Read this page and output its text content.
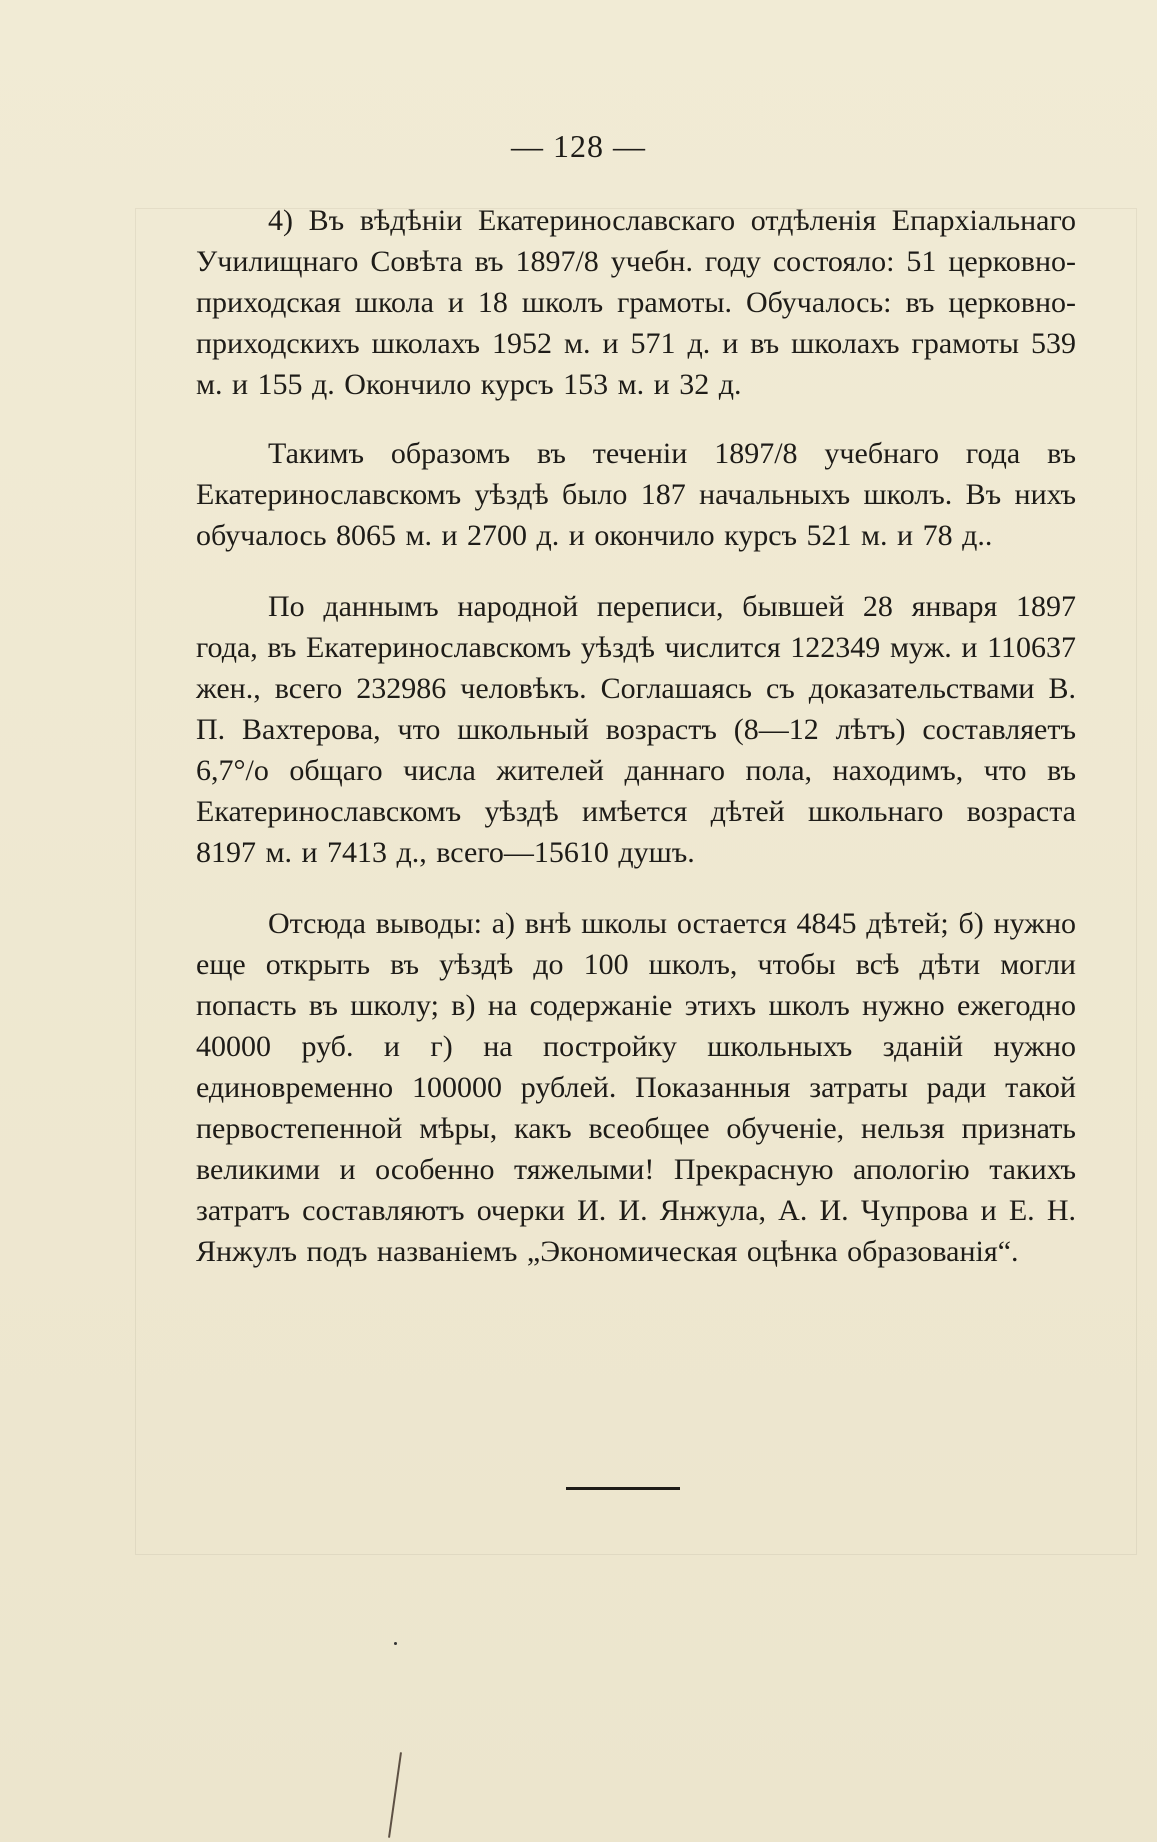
— 128 —

4) Въ вѣдѣніи Екатеринославскаго отдѣленія Епархіальнаго Училищнаго Совѣта въ 1897/8 учебн. году состояло: 51 церковно-приходская школа и 18 школъ грамоты. Обучалось: въ церковно-приходскихъ школахъ 1952 м. и 571 д. и въ школахъ грамоты 539 м. и 155 д. Окончило курсъ 153 м. и 32 д.

Такимъ образомъ въ теченіи 1897/8 учебнаго года въ Екатеринославскомъ уѣздѣ было 187 начальныхъ школъ. Въ нихъ обучалось 8065 м. и 2700 д. и окончило курсъ 521 м. и 78 д..

По даннымъ народной переписи, бывшей 28 января 1897 года, въ Екатеринославскомъ уѣздѣ числится 122349 муж. и 110637 жен., всего 232986 человѣкъ. Соглашаясь съ доказательствами В. П. Вахтерова, что школьный возрастъ (8—12 лѣтъ) составляетъ 6,7°/о общаго числа жителей даннаго пола, находимъ, что въ Екатеринославскомъ уѣздѣ имѣется дѣтей школьнаго возраста 8197 м. и 7413 д., всего—15610 душъ.

Отсюда выводы: а) внѣ школы остается 4845 дѣтей; б) нужно еще открыть въ уѣздѣ до 100 школъ, чтобы всѣ дѣти могли попасть въ школу; в) на содержаніе этихъ школъ нужно ежегодно 40000 руб. и г) на постройку школьныхъ зданій нужно единовременно 100000 рублей. Показанныя затраты ради такой первостепенной мѣры, какъ всеобщее обученіе, нельзя признать великими и особенно тяжелыми! Прекрасную апологію такихъ затратъ составляютъ очерки И. И. Янжула, А. И. Чупрова и Е. Н. Янжулъ подъ названіемъ „Экономическая оцѣнка образованія“.
